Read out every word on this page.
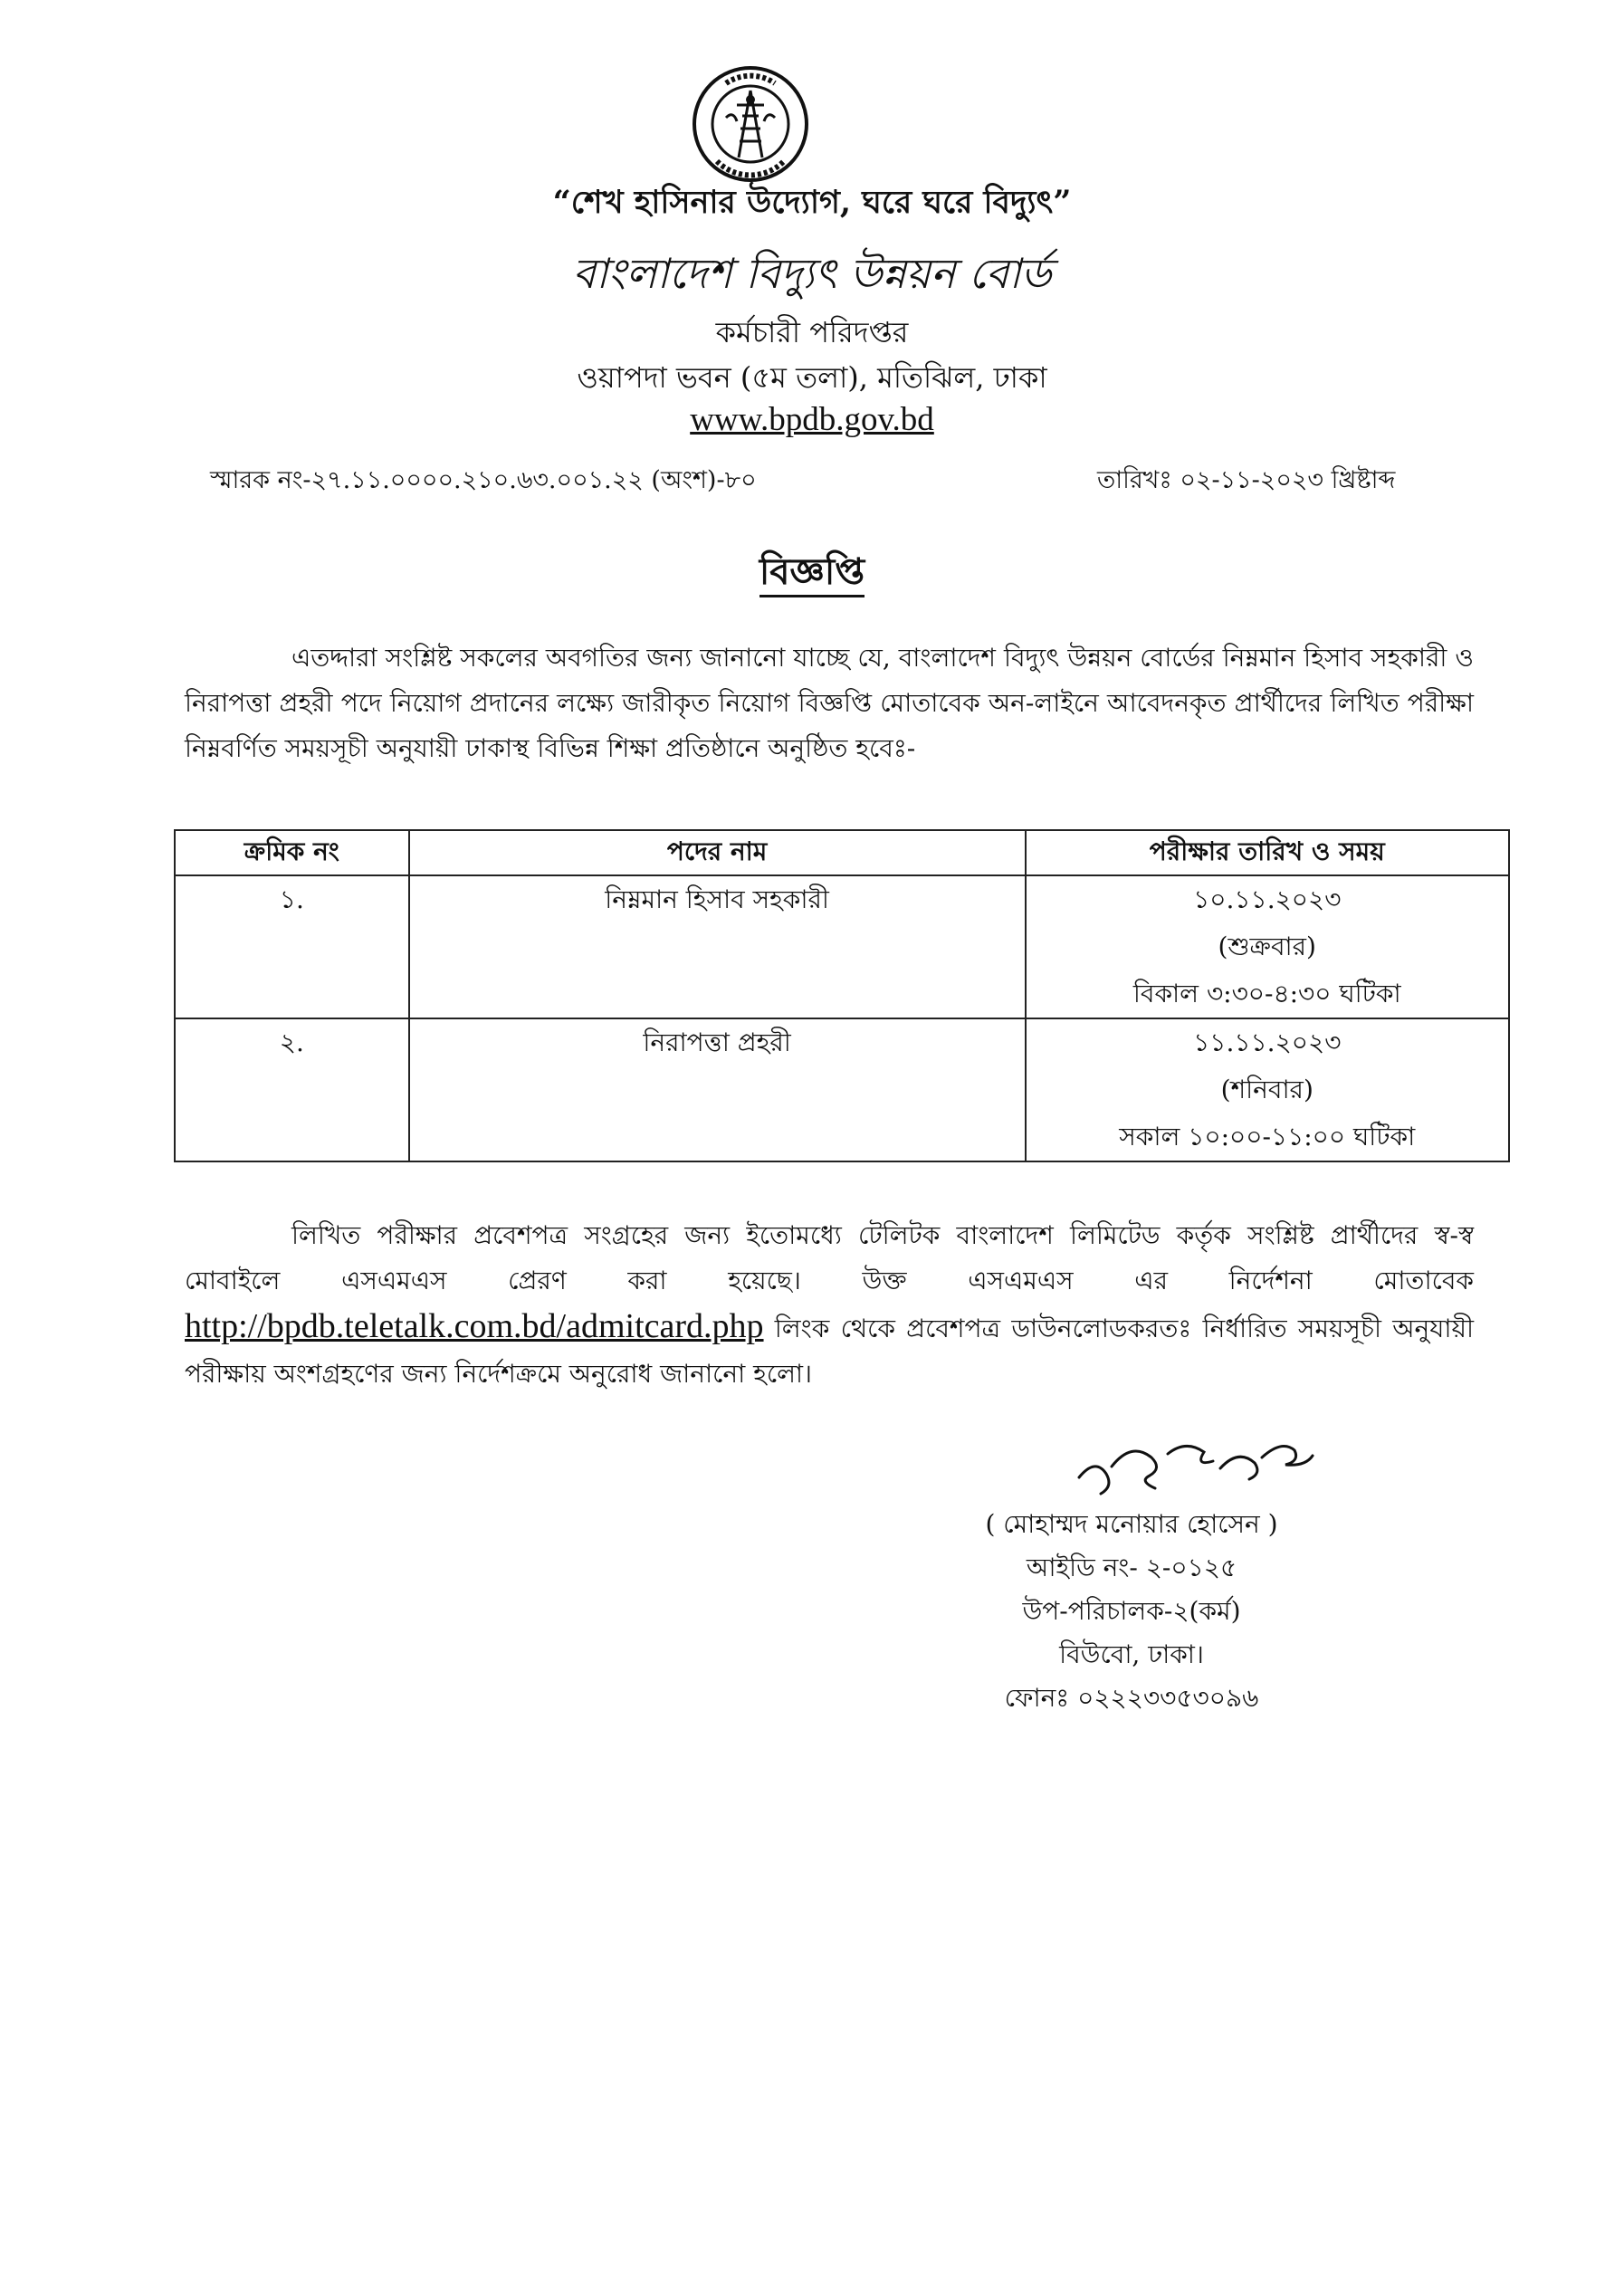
“শেখ হাসিনার উদ্যোগ, ঘরে ঘরে বিদ্যুৎ”
বাংলাদেশ বিদ্যুৎ উন্নয়ন বোর্ড
কর্মচারী পরিদপ্তর
ওয়াপদা ভবন (৫ম তলা), মতিঝিল, ঢাকা
www.bpdb.gov.bd
স্মারক নং-২৭.১১.০০০০.২১০.৬৩.০০১.২২ (অংশ)-৮০	তারিখঃ ০২-১১-২০২৩ খ্রিষ্টাব্দ
বিজ্ঞপ্তি
এতদ্দারা সংশ্লিষ্ট সকলের অবগতির জন্য জানানো যাচ্ছে যে, বাংলাদেশ বিদ্যুৎ উন্নয়ন বোর্ডের নিম্নমান হিসাব সহকারী ও নিরাপত্তা প্রহরী পদে নিয়োগ প্রদানের লক্ষ্যে জারীকৃত নিয়োগ বিজ্ঞপ্তি মোতাবেক অন-লাইনে আবেদনকৃত প্রার্থীদের লিখিত পরীক্ষা নিম্নবর্ণিত সময়সূচী অনুযায়ী ঢাকাস্থ বিভিন্ন শিক্ষা প্রতিষ্ঠানে অনুষ্ঠিত হবেঃ-
ক্রমিক নং	পদের নাম	পরীক্ষার তারিখ ও সময়

১.	নিম্নমান হিসাব সহকারী	১০.১১.২০২৩
(শুক্রবার)
বিকাল ৩:৩০-৪:৩০ ঘটিকা

২.	নিরাপত্তা প্রহরী	১১.১১.২০২৩
(শনিবার)
সকাল ১০:০০-১১:০০ ঘটিকা
লিখিত পরীক্ষার প্রবেশপত্র সংগ্রহের জন্য ইতোমধ্যে টেলিটক বাংলাদেশ লিমিটেড কর্তৃক সংশ্লিষ্ট প্রার্থীদের স্ব-স্ব মোবাইলে এসএমএস প্রেরণ করা হয়েছে। উক্ত এসএমএস এর নির্দেশনা মোতাবেক http://bpdb.teletalk.com.bd/admitcard.php লিংক থেকে প্রবেশপত্র ডাউনলোডকরতঃ নির্ধারিত সময়সূচী অনুযায়ী পরীক্ষায় অংশগ্রহণের জন্য নির্দেশক্রমে অনুরোধ জানানো হলো।
( মোহাম্মদ মনোয়ার হোসেন )
আইডি নং- ২-০১২৫
উপ-পরিচালক-২(কর্ম)
বিউবো, ঢাকা।
ফোনঃ ০২২২৩৩৫৩০৯৬
